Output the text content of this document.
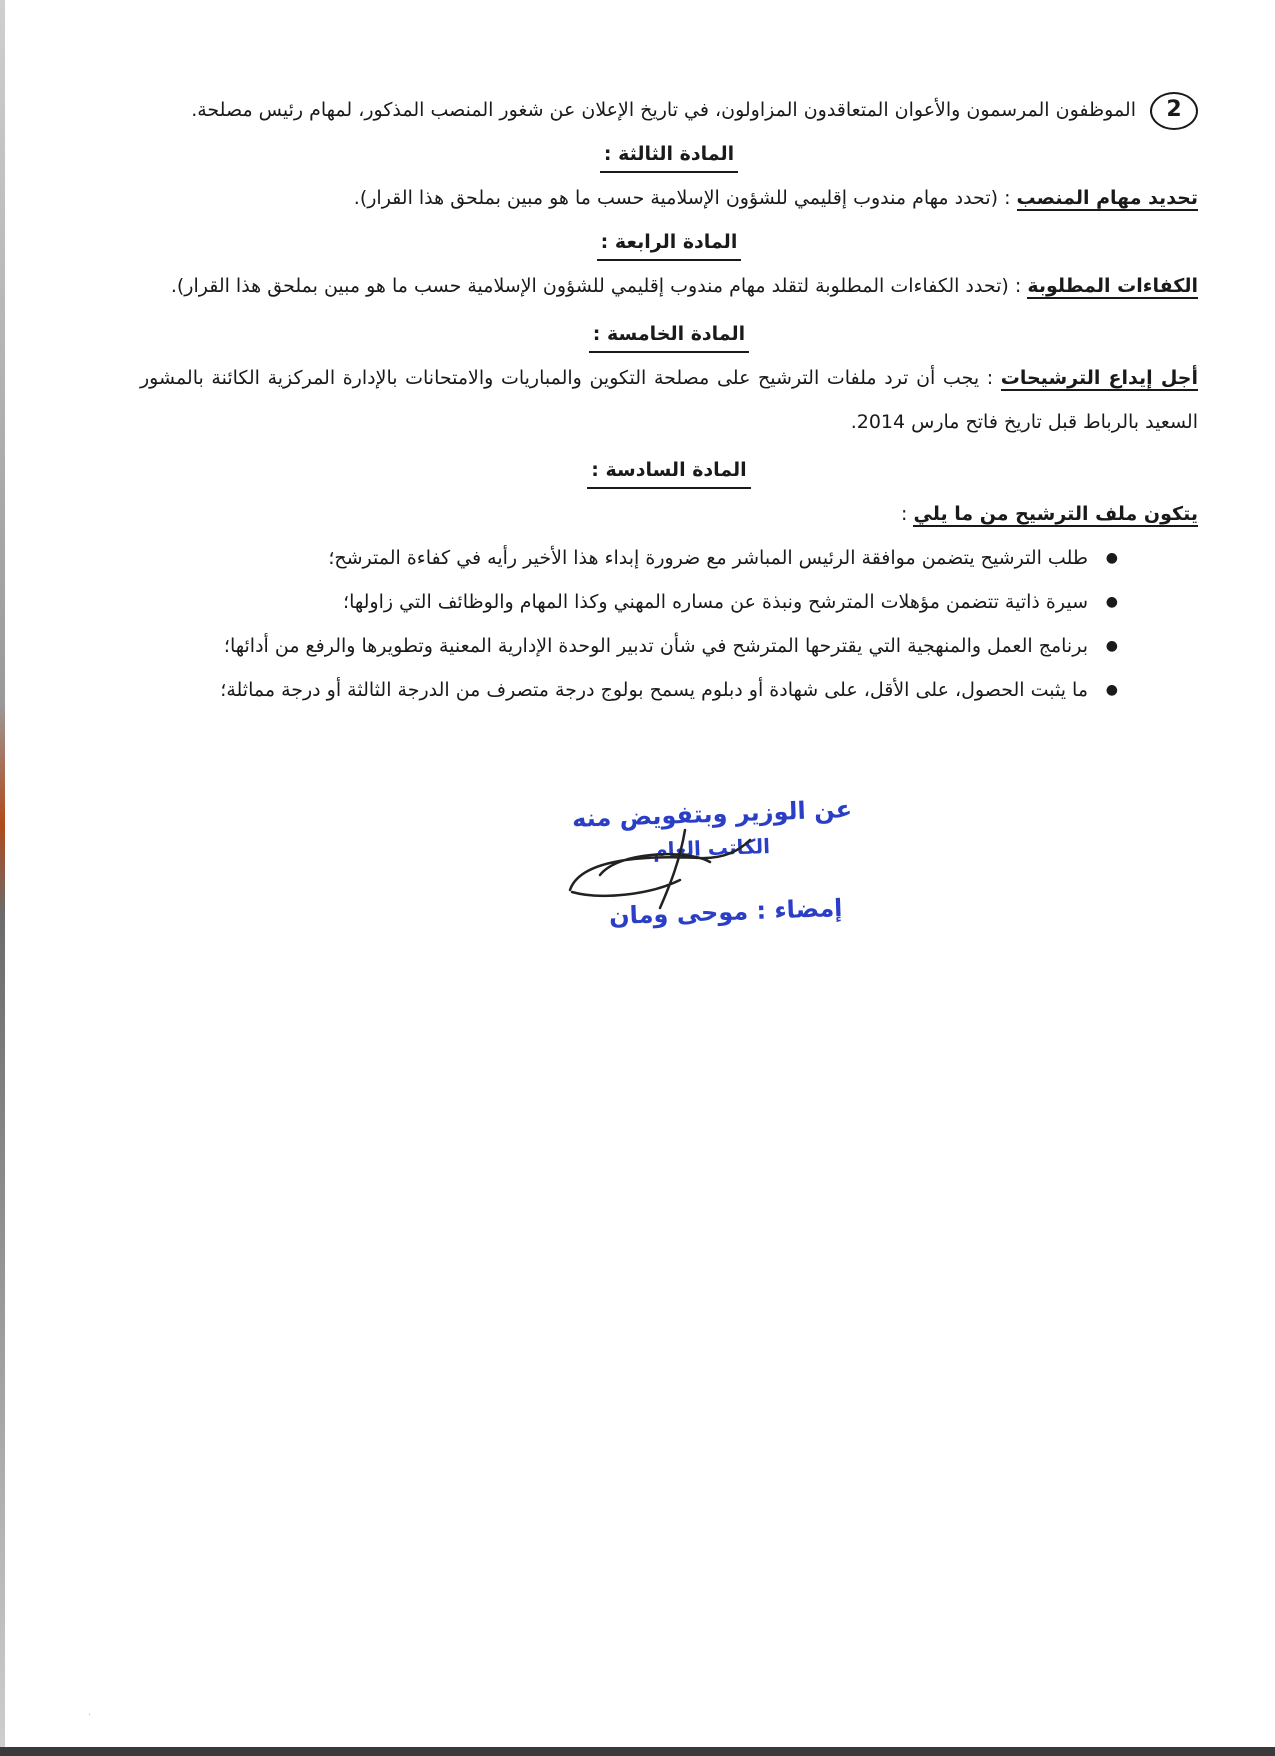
2الموظفون المرسمون والأعوان المتعاقدون المزاولون، في تاريخ الإعلان عن شغور المنصب المذكور، لمهام رئيس مصلحة.
المادة الثالثة :
تحديد مهام المنصب : (تحدد مهام مندوب إقليمي للشؤون الإسلامية حسب ما هو مبين بملحق هذا القرار).
المادة الرابعة :
الكفاءات المطلوبة : (تحدد الكفاءات المطلوبة لتقلد مهام مندوب إقليمي للشؤون الإسلامية حسب ما هو مبين بملحق هذا القرار).
المادة الخامسة :
أجل إيداع الترشيحات : يجب أن ترد ملفات الترشيح على مصلحة التكوين والمباريات والامتحانات بالإدارة المركزية الكائنة بالمشور السعيد بالرباط قبل تاريخ فاتح مارس 2014.
المادة السادسة :
يتكون ملف الترشيح من ما يلي :
● طلب الترشيح يتضمن موافقة الرئيس المباشر مع ضرورة إبداء هذا الأخير رأيه في كفاءة المترشح؛
● سيرة ذاتية تتضمن مؤهلات المترشح ونبذة عن مساره المهني وكذا المهام والوظائف التي زاولها؛
● برنامج العمل والمنهجية التي يقترحها المترشح في شأن تدبير الوحدة الإدارية المعنية وتطويرها والرفع من أدائها؛
● ما يثبت الحصول، على الأقل، على شهادة أو دبلوم يسمح بولوج درجة متصرف من الدرجة الثالثة أو درجة مماثلة؛
عن الوزير وبتفويض منه
الكاتب العام
إمضاء : موحى ومان
·
